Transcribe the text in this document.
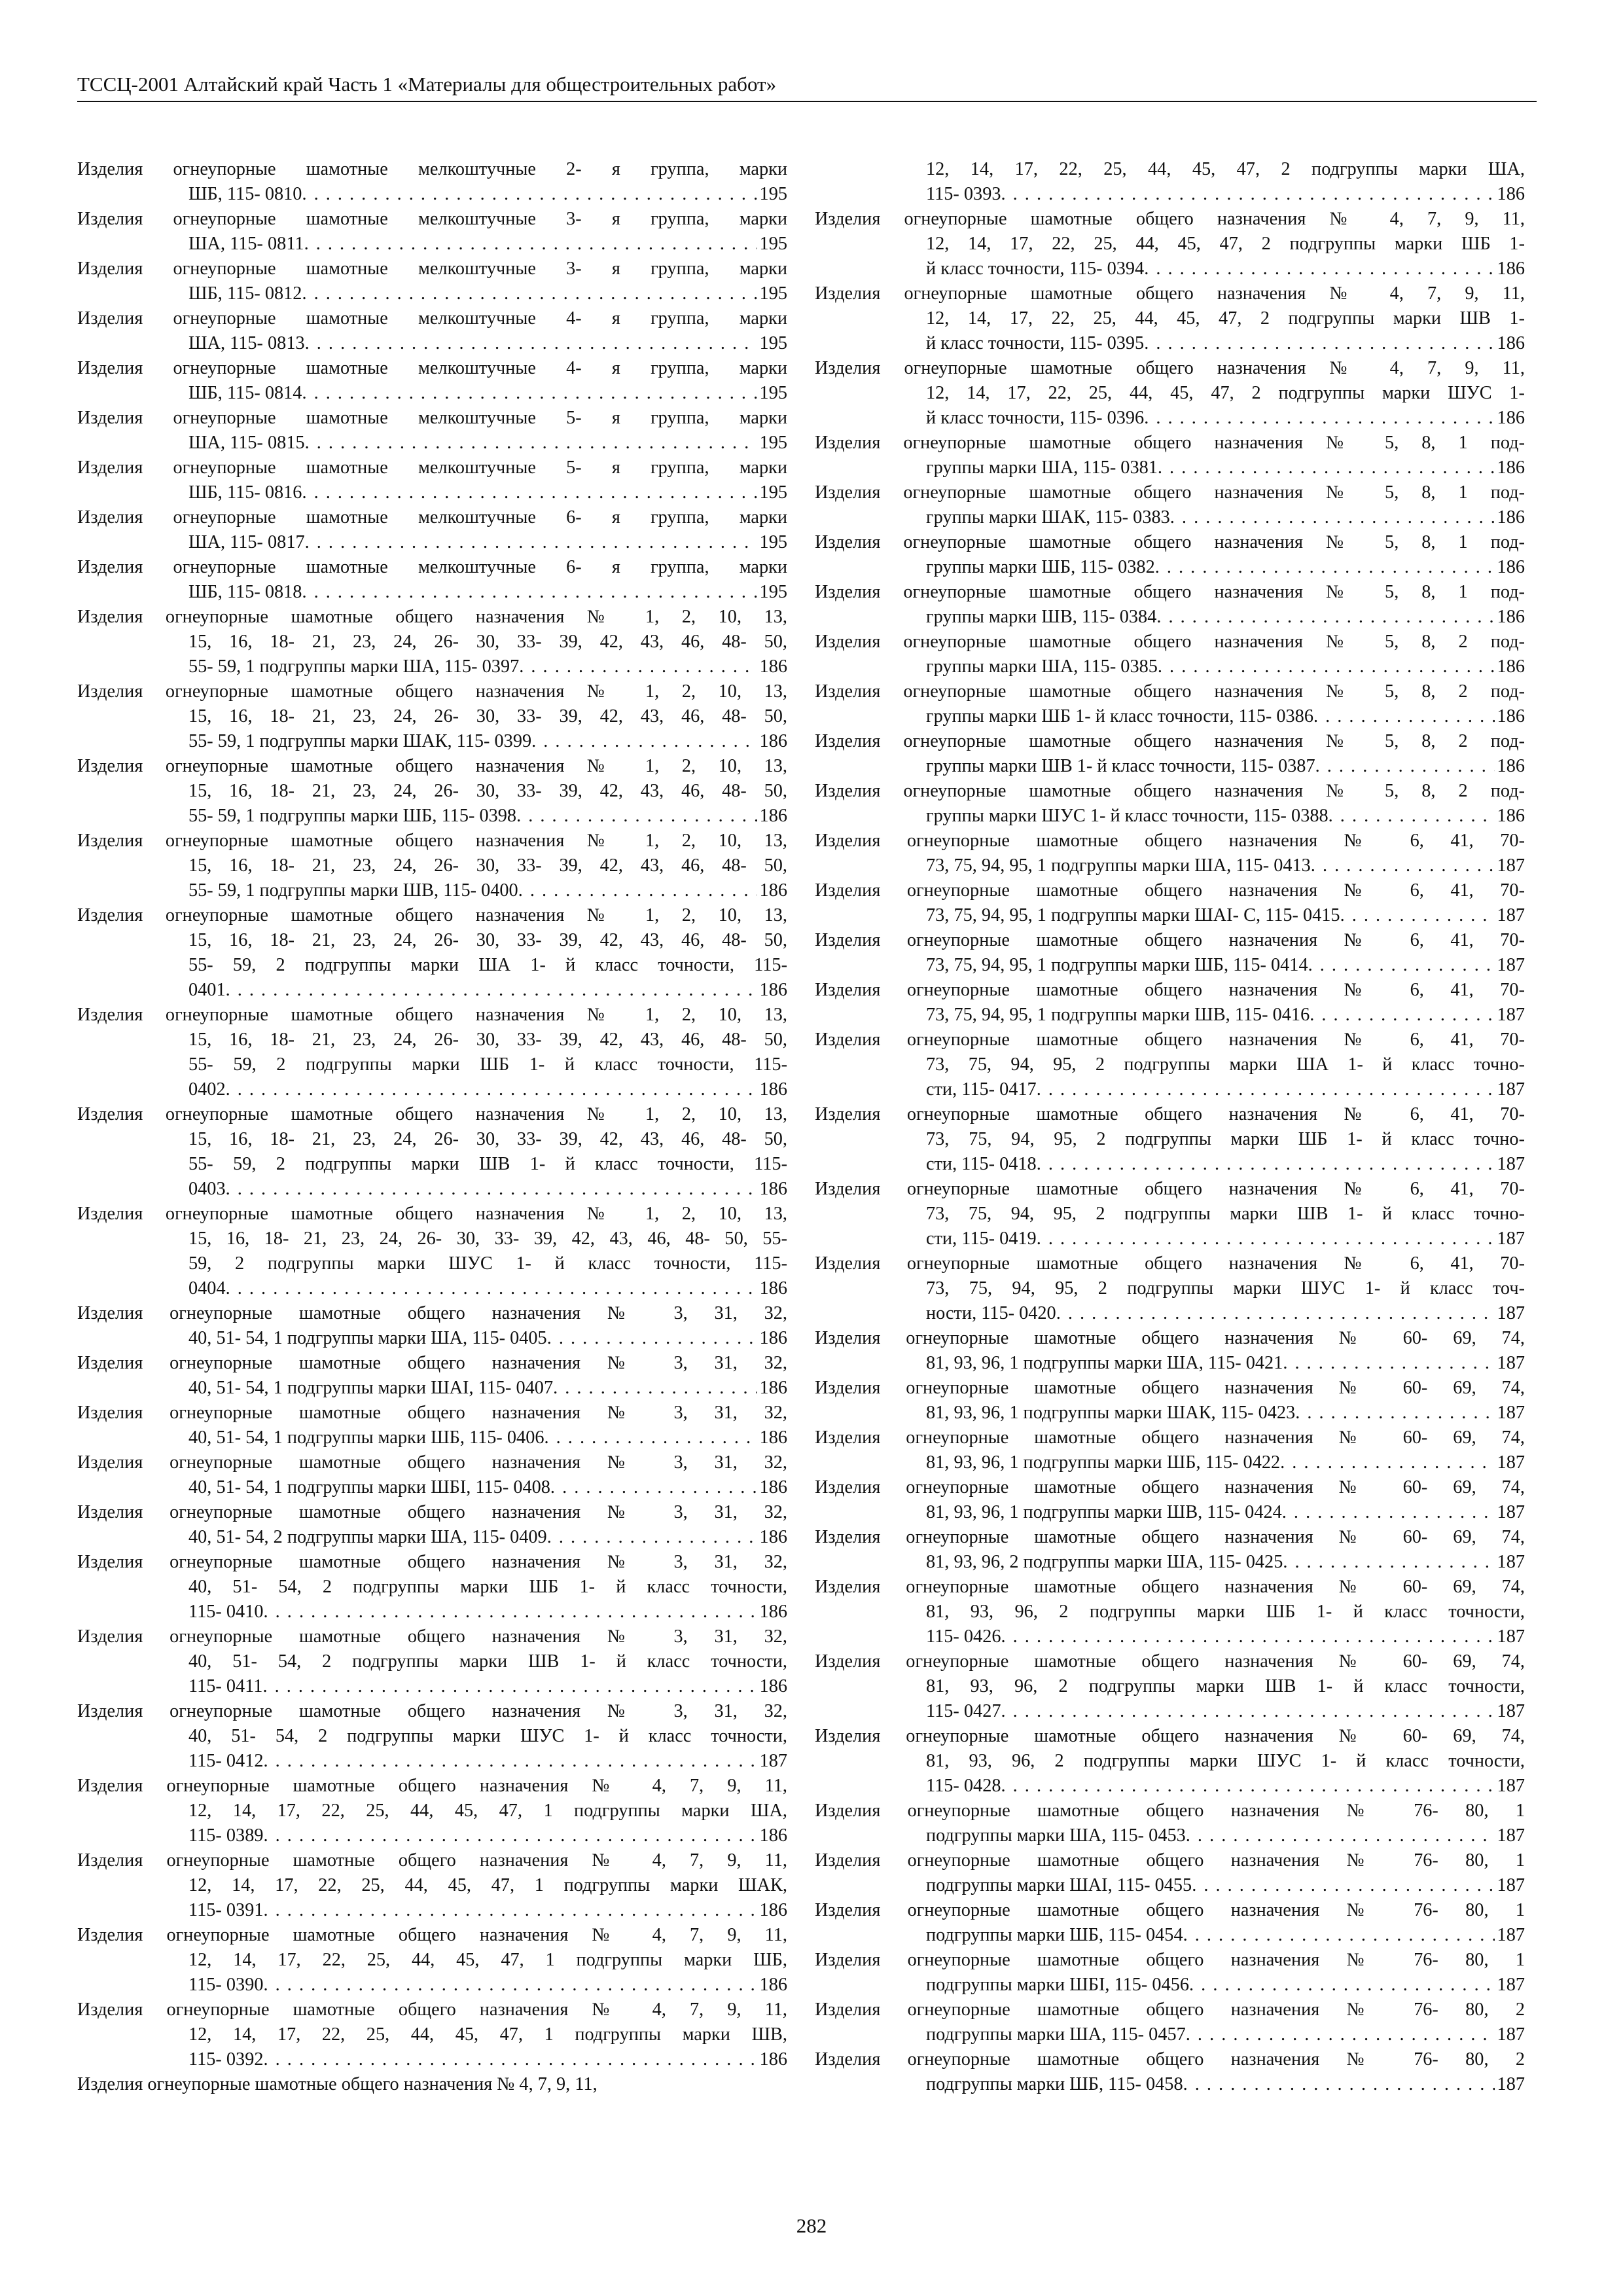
ТССЦ-2001 Алтайский край Часть 1 «Материалы для общестроительных работ»
Изделия огнеупорные шамотные мелкоштучные 2- я группа, марки
ШБ, 115- 0810 . . .	195
Изделия огнеупорные шамотные мелкоштучные 3- я группа, марки
ША, 115- 0811 . . .	195
Изделия огнеупорные шамотные мелкоштучные 3- я группа, марки
ШБ, 115- 0812 . . .	195
Изделия огнеупорные шамотные мелкоштучные 4- я группа, марки
ША, 115- 0813 . . .	195
Изделия огнеупорные шамотные мелкоштучные 4- я группа, марки
ШБ, 115- 0814 . . .	195
Изделия огнеупорные шамотные мелкоштучные 5- я группа, марки
ША, 115- 0815 . . .	195
Изделия огнеупорные шамотные мелкоштучные 5- я группа, марки
ШБ, 115- 0816 . . .	195
Изделия огнеупорные шамотные мелкоштучные 6- я группа, марки
ША, 115- 0817 . . .	195
Изделия огнеупорные шамотные мелкоштучные 6- я группа, марки
ШБ, 115- 0818 . . .	195
Изделия огнеупорные шамотные общего назначения № 1, 2, 10, 13,
15, 16, 18- 21, 23, 24, 26- 30, 33- 39, 42, 43, 46, 48- 50,
55- 59, 1 подгруппы марки ША, 115- 0397 . . .	186
Изделия огнеупорные шамотные общего назначения № 1, 2, 10, 13,
15, 16, 18- 21, 23, 24, 26- 30, 33- 39, 42, 43, 46, 48- 50,
55- 59, 1 подгруппы марки ШАК, 115- 0399 . . .	186
Изделия огнеупорные шамотные общего назначения № 1, 2, 10, 13,
15, 16, 18- 21, 23, 24, 26- 30, 33- 39, 42, 43, 46, 48- 50,
55- 59, 1 подгруппы марки ШБ, 115- 0398 . . .	186
Изделия огнеупорные шамотные общего назначения № 1, 2, 10, 13,
15, 16, 18- 21, 23, 24, 26- 30, 33- 39, 42, 43, 46, 48- 50,
55- 59, 1 подгруппы марки ШВ, 115- 0400 . . .	186
Изделия огнеупорные шамотные общего назначения № 1, 2, 10, 13,
15, 16, 18- 21, 23, 24, 26- 30, 33- 39, 42, 43, 46, 48- 50,
55- 59, 2 подгруппы марки ША 1- й класс точности, 115-
0401 . . .	186
Изделия огнеупорные шамотные общего назначения № 1, 2, 10, 13,
15, 16, 18- 21, 23, 24, 26- 30, 33- 39, 42, 43, 46, 48- 50,
55- 59, 2 подгруппы марки ШБ 1- й класс точности, 115-
0402 . . .	186
Изделия огнеупорные шамотные общего назначения № 1, 2, 10, 13,
15, 16, 18- 21, 23, 24, 26- 30, 33- 39, 42, 43, 46, 48- 50,
55- 59, 2 подгруппы марки ШВ 1- й класс точности, 115-
0403 . . .	186
Изделия огнеупорные шамотные общего назначения № 1, 2, 10, 13,
15, 16, 18- 21, 23, 24, 26- 30, 33- 39, 42, 43, 46, 48- 50, 55-
59, 2 подгруппы марки ШУС 1- й класс точности, 115-
0404 . . .	186
Изделия огнеупорные шамотные общего назначения № 3, 31, 32,
40, 51- 54, 1 подгруппы марки ША, 115- 0405 . . .	186
Изделия огнеупорные шамотные общего назначения № 3, 31, 32,
40, 51- 54, 1 подгруппы марки ШАI, 115- 0407 . . .	186
Изделия огнеупорные шамотные общего назначения № 3, 31, 32,
40, 51- 54, 1 подгруппы марки ШБ, 115- 0406 . . .	186
Изделия огнеупорные шамотные общего назначения № 3, 31, 32,
40, 51- 54, 1 подгруппы марки ШБI, 115- 0408 . . .	186
Изделия огнеупорные шамотные общего назначения № 3, 31, 32,
40, 51- 54, 2 подгруппы марки ША, 115- 0409 . . .	186
Изделия огнеупорные шамотные общего назначения № 3, 31, 32,
40, 51- 54, 2 подгруппы марки ШБ 1- й класс точности,
115- 0410 . . .	186
Изделия огнеупорные шамотные общего назначения № 3, 31, 32,
40, 51- 54, 2 подгруппы марки ШВ 1- й класс точности,
115- 0411 . . .	186
Изделия огнеупорные шамотные общего назначения № 3, 31, 32,
40, 51- 54, 2 подгруппы марки ШУС 1- й класс точности,
115- 0412 . . .	187
Изделия огнеупорные шамотные общего назначения № 4, 7, 9, 11,
12, 14, 17, 22, 25, 44, 45, 47, 1 подгруппы марки ША,
115- 0389 . . .	186
Изделия огнеупорные шамотные общего назначения № 4, 7, 9, 11,
12, 14, 17, 22, 25, 44, 45, 47, 1 подгруппы марки ШАК,
115- 0391 . . .	186
Изделия огнеупорные шамотные общего назначения № 4, 7, 9, 11,
12, 14, 17, 22, 25, 44, 45, 47, 1 подгруппы марки ШБ,
115- 0390 . . .	186
Изделия огнеупорные шамотные общего назначения № 4, 7, 9, 11,
12, 14, 17, 22, 25, 44, 45, 47, 1 подгруппы марки ШВ,
115- 0392 . . .	186
Изделия огнеупорные шамотные общего назначения № 4, 7, 9, 11,
12, 14, 17, 22, 25, 44, 45, 47, 2 подгруппы марки ША,
115- 0393 . . .	186
Изделия огнеупорные шамотные общего назначения № 4, 7, 9, 11,
12, 14, 17, 22, 25, 44, 45, 47, 2 подгруппы марки ШБ 1-
й класс точности, 115- 0394 . . .	186
Изделия огнеупорные шамотные общего назначения № 4, 7, 9, 11,
12, 14, 17, 22, 25, 44, 45, 47, 2 подгруппы марки ШВ 1-
й класс точности, 115- 0395 . . .	186
Изделия огнеупорные шамотные общего назначения № 4, 7, 9, 11,
12, 14, 17, 22, 25, 44, 45, 47, 2 подгруппы марки ШУС 1-
й класс точности, 115- 0396 . . .	186
Изделия огнеупорные шамотные общего назначения № 5, 8, 1 под-
группы марки ША, 115- 0381 . . .	186
Изделия огнеупорные шамотные общего назначения № 5, 8, 1 под-
группы марки ШАК, 115- 0383 . . .	186
Изделия огнеупорные шамотные общего назначения № 5, 8, 1 под-
группы марки ШБ, 115- 0382 . . .	186
Изделия огнеупорные шамотные общего назначения № 5, 8, 1 под-
группы марки ШВ, 115- 0384 . . .	186
Изделия огнеупорные шамотные общего назначения № 5, 8, 2 под-
группы марки ША, 115- 0385 . . .	186
Изделия огнеупорные шамотные общего назначения № 5, 8, 2 под-
группы марки ШБ 1- й класс точности, 115- 0386 . . .	186
Изделия огнеупорные шамотные общего назначения № 5, 8, 2 под-
группы марки ШВ 1- й класс точности, 115- 0387 . . .	186
Изделия огнеупорные шамотные общего назначения № 5, 8, 2 под-
группы марки ШУС 1- й класс точности, 115- 0388 . . .	186
Изделия огнеупорные шамотные общего назначения № 6, 41, 70-
73, 75, 94, 95, 1 подгруппы марки ША, 115- 0413 . . .	187
Изделия огнеупорные шамотные общего назначения № 6, 41, 70-
73, 75, 94, 95, 1 подгруппы марки ШАI- С, 115- 0415 . . .	187
Изделия огнеупорные шамотные общего назначения № 6, 41, 70-
73, 75, 94, 95, 1 подгруппы марки ШБ, 115- 0414 . . .	187
Изделия огнеупорные шамотные общего назначения № 6, 41, 70-
73, 75, 94, 95, 1 подгруппы марки ШВ, 115- 0416 . . .	187
Изделия огнеупорные шамотные общего назначения № 6, 41, 70-
73, 75, 94, 95, 2 подгруппы марки ША 1- й класс точно-
сти, 115- 0417 . . .	187
Изделия огнеупорные шамотные общего назначения № 6, 41, 70-
73, 75, 94, 95, 2 подгруппы марки ШБ 1- й класс точно-
сти, 115- 0418 . . .	187
Изделия огнеупорные шамотные общего назначения № 6, 41, 70-
73, 75, 94, 95, 2 подгруппы марки ШВ 1- й класс точно-
сти, 115- 0419 . . .	187
Изделия огнеупорные шамотные общего назначения № 6, 41, 70-
73, 75, 94, 95, 2 подгруппы марки ШУС 1- й класс точ-
ности, 115- 0420 . . .	187
Изделия огнеупорные шамотные общего назначения № 60- 69, 74,
81, 93, 96, 1 подгруппы марки ША, 115- 0421 . . .	187
Изделия огнеупорные шамотные общего назначения № 60- 69, 74,
81, 93, 96, 1 подгруппы марки ШАК, 115- 0423 . . .	187
Изделия огнеупорные шамотные общего назначения № 60- 69, 74,
81, 93, 96, 1 подгруппы марки ШБ, 115- 0422 . . .	187
Изделия огнеупорные шамотные общего назначения № 60- 69, 74,
81, 93, 96, 1 подгруппы марки ШВ, 115- 0424 . . .	187
Изделия огнеупорные шамотные общего назначения № 60- 69, 74,
81, 93, 96, 2 подгруппы марки ША, 115- 0425 . . .	187
Изделия огнеупорные шамотные общего назначения № 60- 69, 74,
81, 93, 96, 2 подгруппы марки ШБ 1- й класс точности,
115- 0426 . . .	187
Изделия огнеупорные шамотные общего назначения № 60- 69, 74,
81, 93, 96, 2 подгруппы марки ШВ 1- й класс точности,
115- 0427 . . .	187
Изделия огнеупорные шамотные общего назначения № 60- 69, 74,
81, 93, 96, 2 подгруппы марки ШУС 1- й класс точности,
115- 0428 . . .	187
Изделия огнеупорные шамотные общего назначения № 76- 80, 1
подгруппы марки ША, 115- 0453 . . .	187
Изделия огнеупорные шамотные общего назначения № 76- 80, 1
подгруппы марки ШАI, 115- 0455 . . .	187
Изделия огнеупорные шамотные общего назначения № 76- 80, 1
подгруппы марки ШБ, 115- 0454 . . .	187
Изделия огнеупорные шамотные общего назначения № 76- 80, 1
подгруппы марки ШБI, 115- 0456 . . .	187
Изделия огнеупорные шамотные общего назначения № 76- 80, 2
подгруппы марки ША, 115- 0457 . . .	187
Изделия огнеупорные шамотные общего назначения № 76- 80, 2
подгруппы марки ШБ, 115- 0458 . . .	187
282
